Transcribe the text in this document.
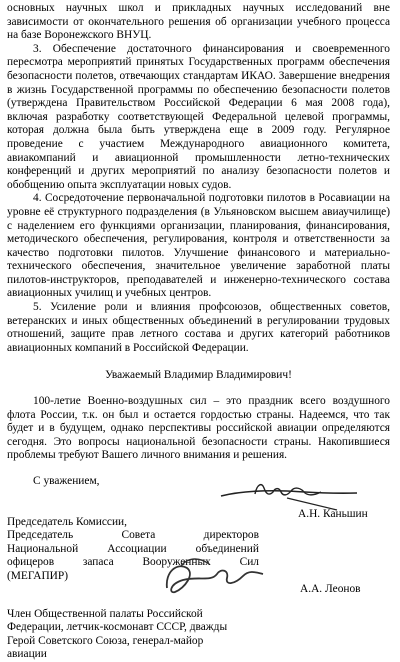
основных научных школ и прикладных научных исследований вне зависимости от окончательного решения об организации учебного процесса на базе Воронежского ВНУЦ.

3. Обеспечение достаточного финансирования и своевременного пересмотра мероприятий принятых Государственных программ обеспечения безопасности полетов, отвечающих стандартам ИКАО. Завершение внедрения в жизнь Государственной программы по обеспечению безопасности полетов (утверждена Правительством Российской Федерации 6 мая 2008 года), включая разработку соответствующей Федеральной целевой программы, которая должна была быть утверждена еще в 2009 году. Регулярное проведение с участием Международного авиационного комитета, авиакомпаний и авиационной промышленности летно-технических конференций и других мероприятий по анализу безопасности полетов и обобщению опыта эксплуатации новых судов.

4. Сосредоточение первоначальной подготовки пилотов в Росавиации на уровне её структурного подразделения (в Ульяновском высшем авиаучилище) с наделением его функциями организации, планирования, финансирования, методического обеспечения, регулирования, контроля и ответственности за качество подготовки пилотов. Улучшение финансового и материально-технического обеспечения, значительное увеличение заработной платы пилотов-инструкторов, преподавателей и инженерно-технического состава авиационных училищ и учебных центров.

5. Усиление роли и влияния профсоюзов, общественных советов, ветеранских и иных общественных объединений в регулировании трудовых отношений, защите прав летного состава и других категорий работников авиационных компаний в Российской Федерации.

Уважаемый Владимир Владимирович!

100-летие Военно-воздушных сил – это праздник всего воздушного флота России, т.к. он был и остается гордостью страны. Надеемся, что так будет и в будущем, однако перспективы российской авиации определяются сегодня. Это вопросы национальной безопасности страны. Накопившиеся проблемы требуют Вашего личного внимания и решения.

С уважением,

Председатель Комиссии,
Председатель	Совета	директоров
Национальной	Ассоциации	объединений
офицеров	запаса	Вооруженных	Сил
(МЕГАПИР)
А.Н. Каньшин
Член Общественной палаты Российской
Федерации, летчик-космонавт СССР, дважды
Герой Советского Союза, генерал-майор
авиации
А.А. Леонов
